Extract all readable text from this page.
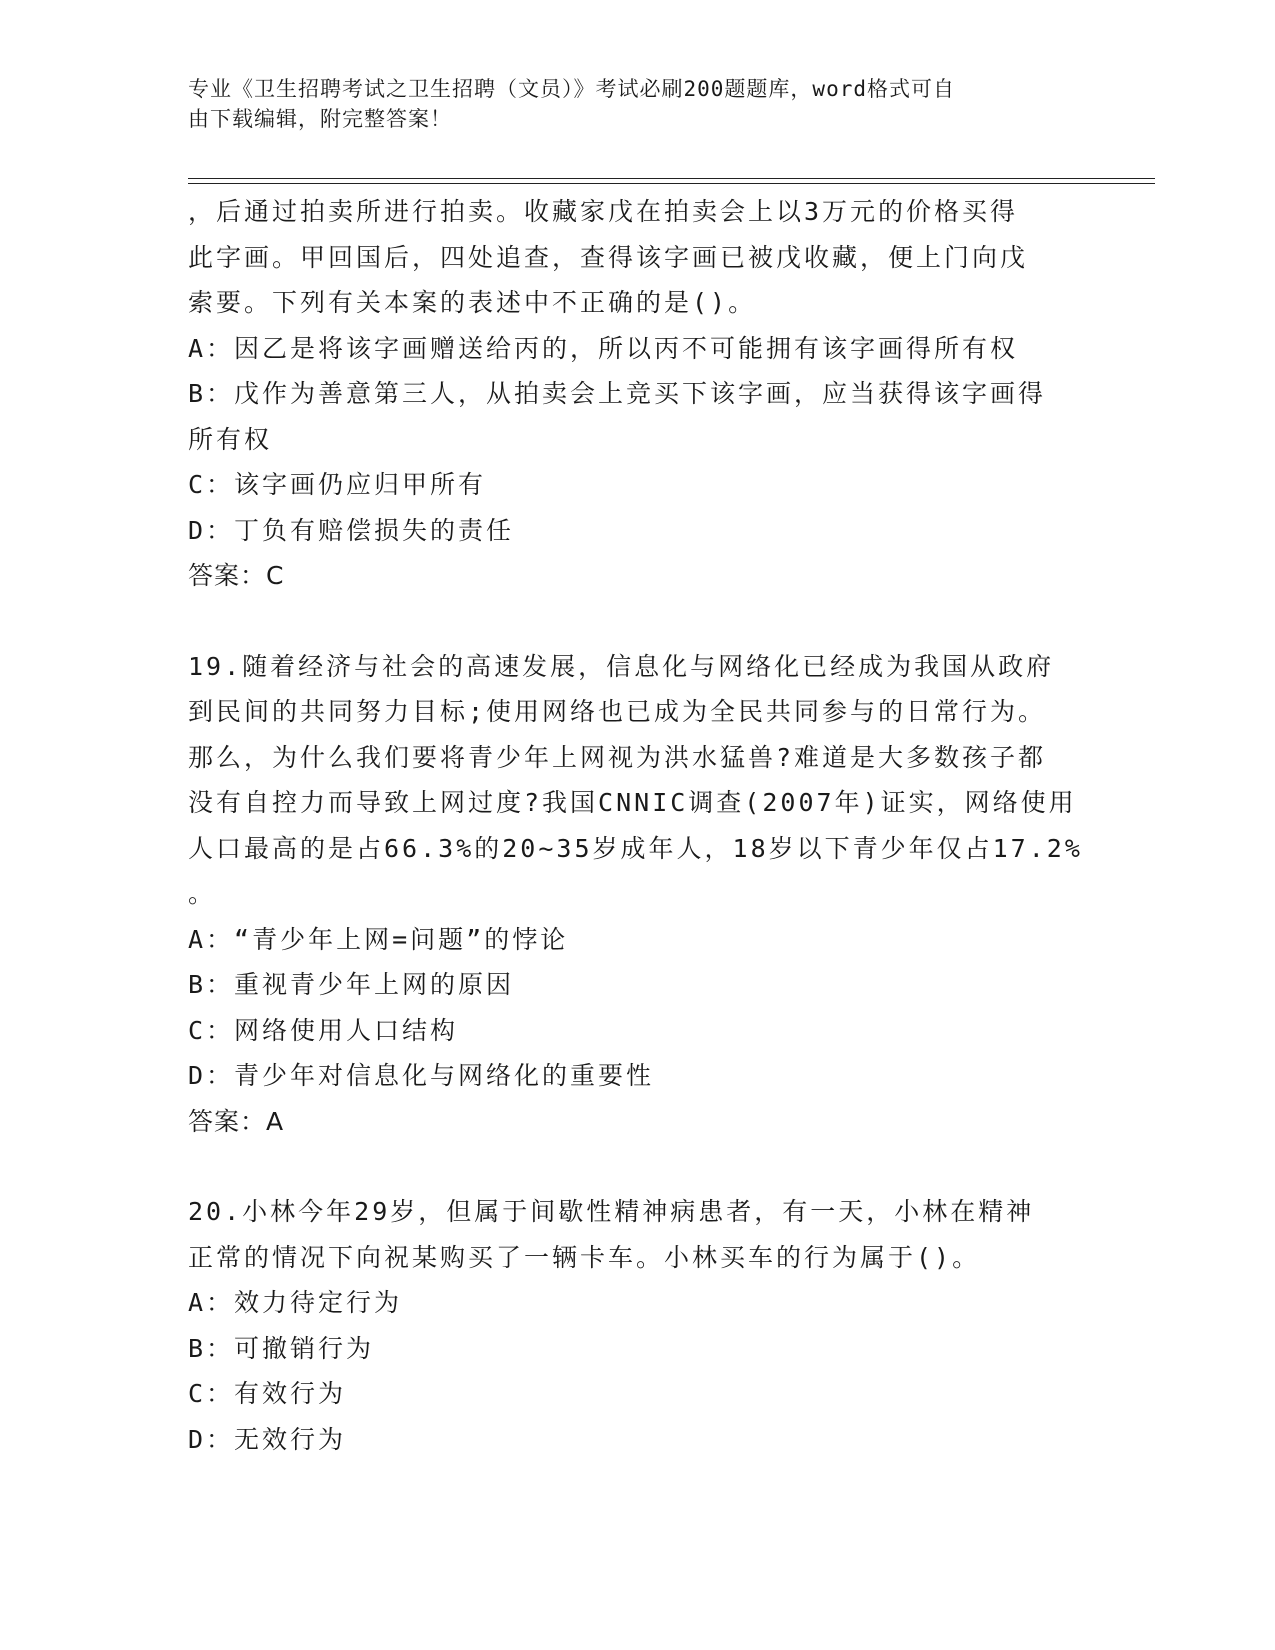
专业《卫生招聘考试之卫生招聘（文员）》考试必刷200题题库，word格式可自
由下载编辑，附完整答案！
，后通过拍卖所进行拍卖。收藏家戊在拍卖会上以3万元的价格买得
此字画。甲回国后，四处追查，查得该字画已被戊收藏，便上门向戊
索要。下列有关本案的表述中不正确的是()。
A：因乙是将该字画赠送给丙的，所以丙不可能拥有该字画得所有权
B：戊作为善意第三人，从拍卖会上竞买下该字画，应当获得该字画得
所有权
C：该字画仍应归甲所有
D：丁负有赔偿损失的责任
答案：C
19.随着经济与社会的高速发展，信息化与网络化已经成为我国从政府
到民间的共同努力目标;使用网络也已成为全民共同参与的日常行为。
那么，为什么我们要将青少年上网视为洪水猛兽?难道是大多数孩子都
没有自控力而导致上网过度?我国CNNIC调查(2007年)证实，网络使用
人口最高的是占66.3%的20~35岁成年人，18岁以下青少年仅占17.2%
。
A：“青少年上网=问题”的悖论
B：重视青少年上网的原因
C：网络使用人口结构
D：青少年对信息化与网络化的重要性
答案：A
20.小林今年29岁，但属于间歇性精神病患者，有一天，小林在精神
正常的情况下向祝某购买了一辆卡车。小林买车的行为属于()。
A：效力待定行为
B：可撤销行为
C：有效行为
D：无效行为
